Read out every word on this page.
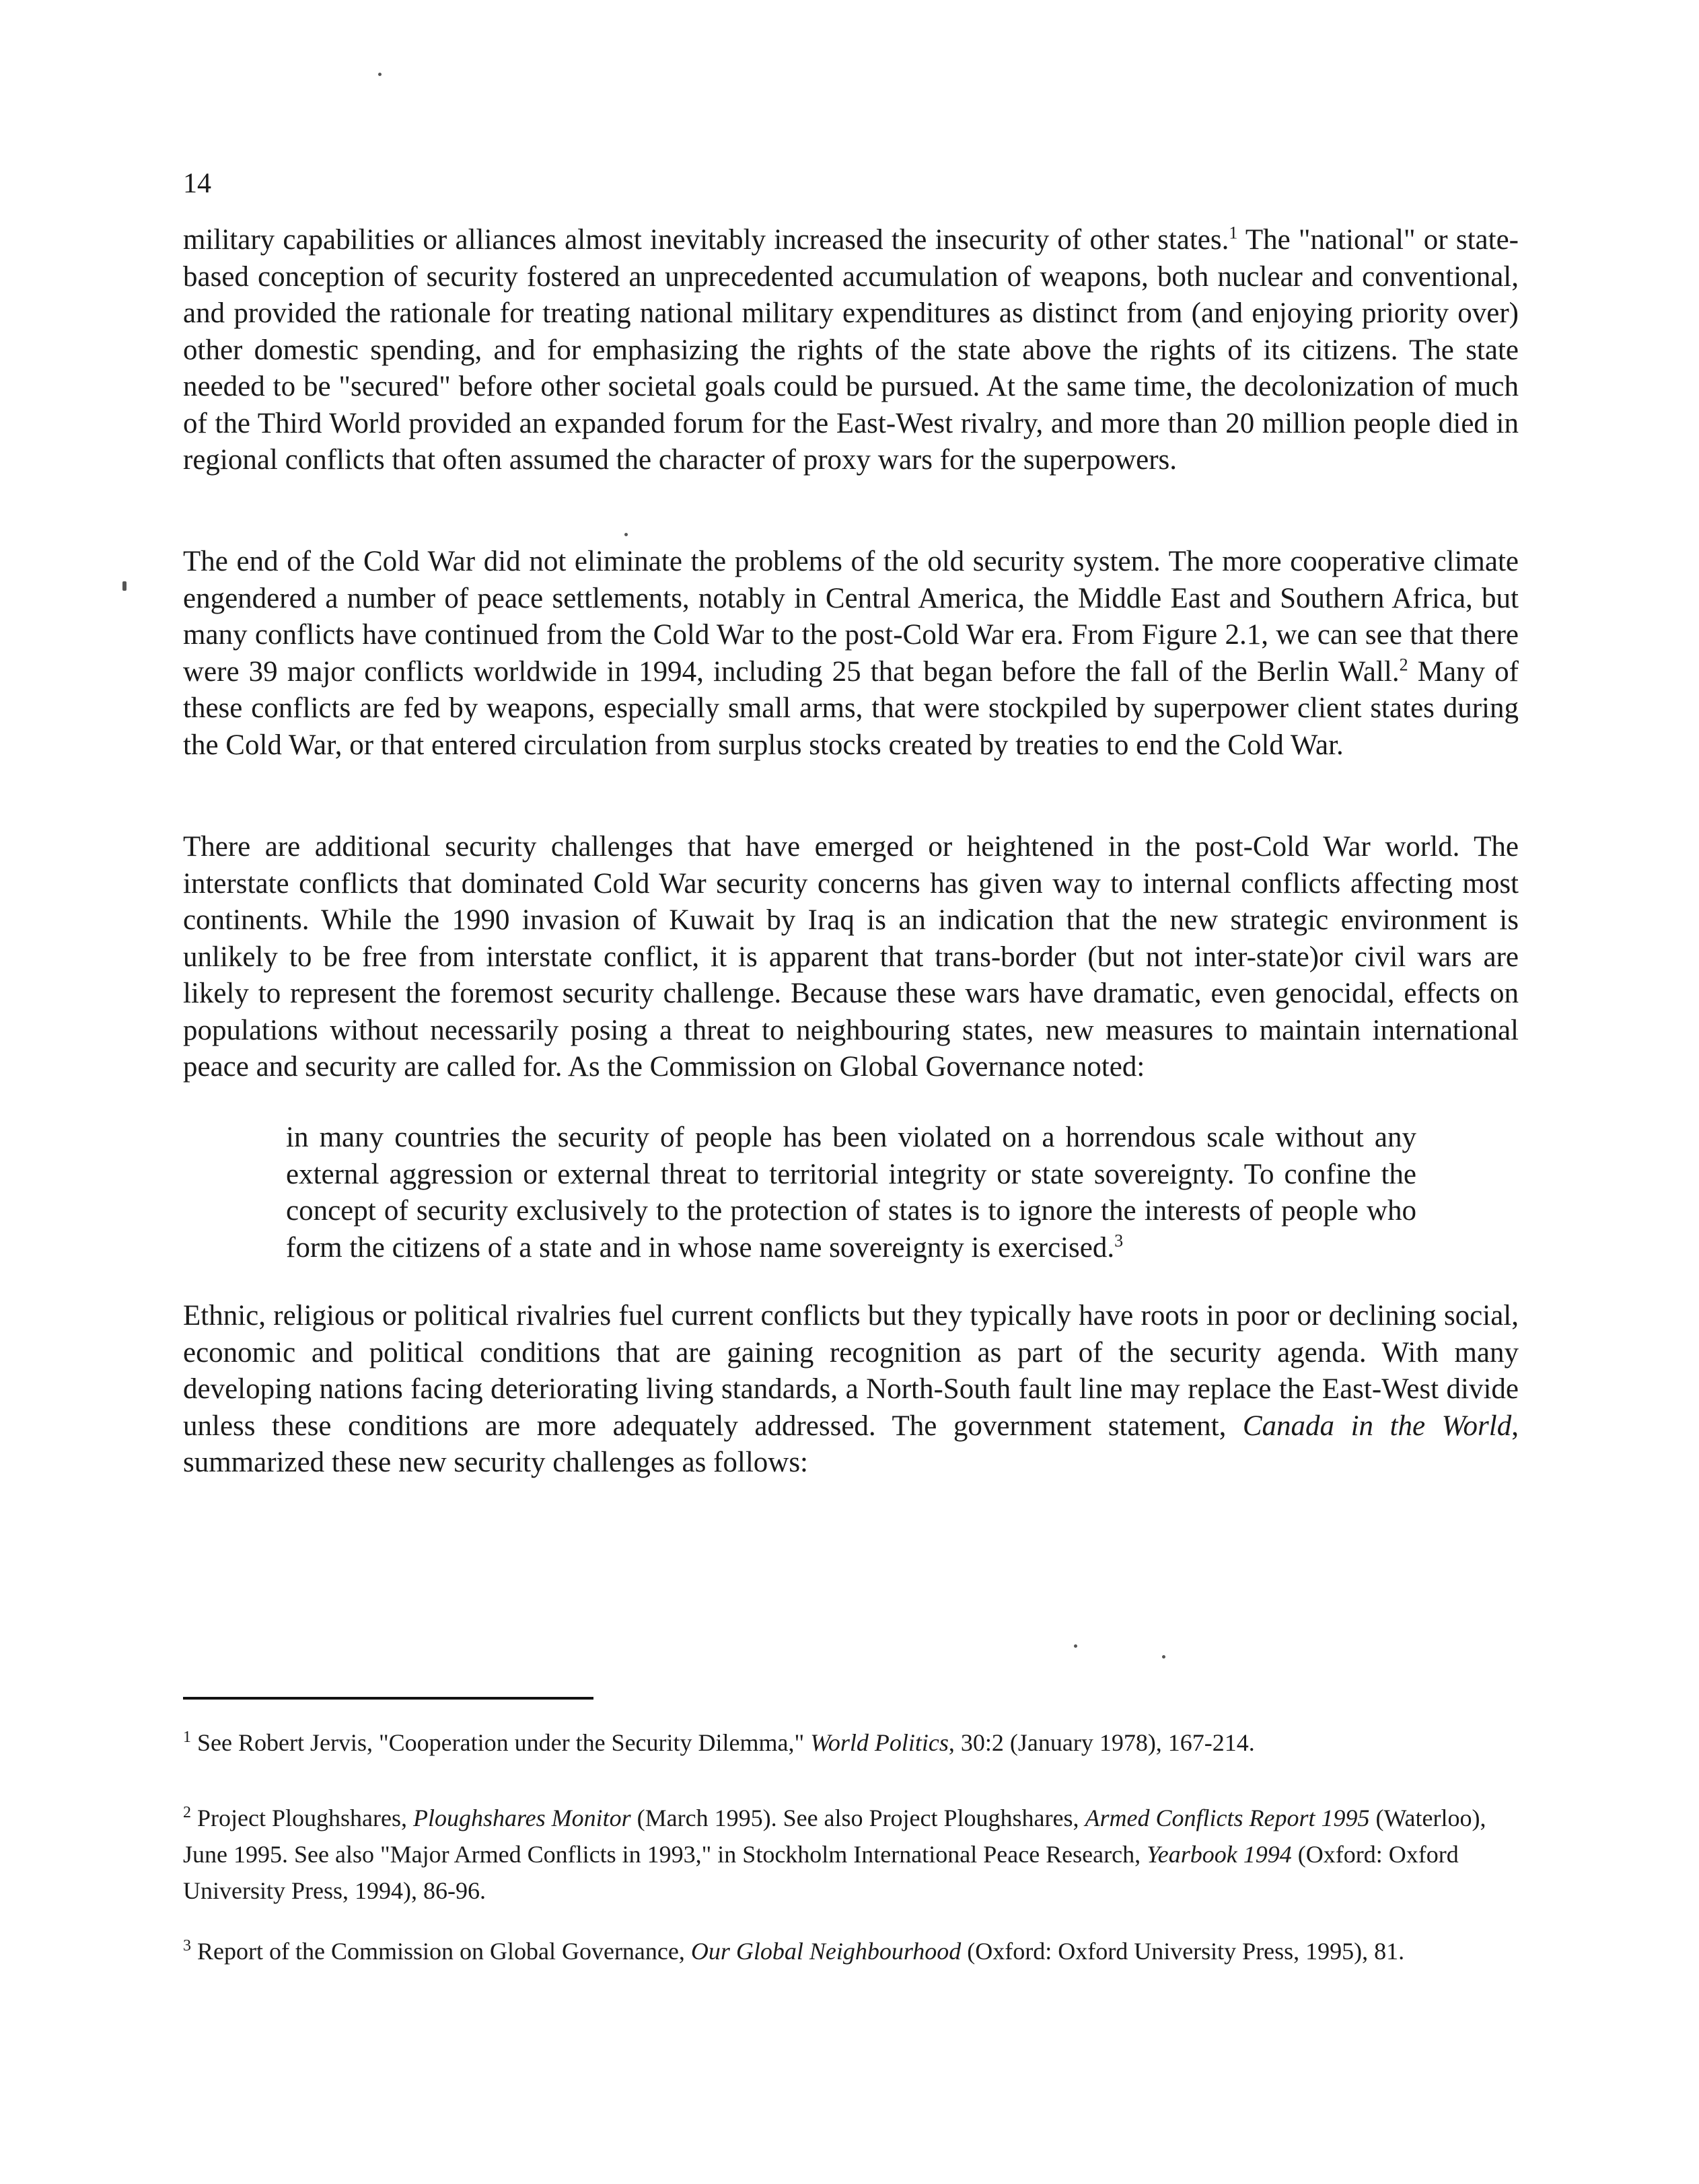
14
military capabilities or alliances almost inevitably increased the insecurity of other states.$^1$ The "national" or state-based conception of security fostered an unprecedented accumulation of weapons, both nuclear and conventional, and provided the rationale for treating national military expenditures as distinct from (and enjoying priority over) other domestic spending, and for emphasizing the rights of the state above the rights of its citizens. The state needed to be "secured" before other societal goals could be pursued. At the same time, the decolonization of much of the Third World provided an expanded forum for the East-West rivalry, and more than 20 million people died in regional conflicts that often assumed the character of proxy wars for the superpowers.
The end of the Cold War did not eliminate the problems of the old security system. The more cooperative climate engendered a number of peace settlements, notably in Central America, the Middle East and Southern Africa, but many conflicts have continued from the Cold War to the post-Cold War era. From Figure 2.1, we can see that there were 39 major conflicts worldwide in 1994, including 25 that began before the fall of the Berlin Wall.$^2$ Many of these conflicts are fed by weapons, especially small arms, that were stockpiled by superpower client states during the Cold War, or that entered circulation from surplus stocks created by treaties to end the Cold War.
There are additional security challenges that have emerged or heightened in the post-Cold War world. The interstate conflicts that dominated Cold War security concerns has given way to internal conflicts affecting most continents. While the 1990 invasion of Kuwait by Iraq is an indication that the new strategic environment is unlikely to be free from interstate conflict, it is apparent that trans-border (but not inter-state)or civil wars are likely to represent the foremost security challenge. Because these wars have dramatic, even genocidal, effects on populations without necessarily posing a threat to neighbouring states, new measures to maintain international peace and security are called for. As the Commission on Global Governance noted:
in many countries the security of people has been violated on a horrendous scale without any external aggression or external threat to territorial integrity or state sovereignty. To confine the concept of security exclusively to the protection of states is to ignore the interests of people who form the citizens of a state and in whose name sovereignty is exercised.$^3$
Ethnic, religious or political rivalries fuel current conflicts but they typically have roots in poor or declining social, economic and political conditions that are gaining recognition as part of the security agenda. With many developing nations facing deteriorating living standards, a North-South fault line may replace the East-West divide unless these conditions are more adequately addressed. The government statement, Canada in the World, summarized these new security challenges as follows:
$^1$ See Robert Jervis, "Cooperation under the Security Dilemma," World Politics, 30:2 (January 1978), 167-214.
$^2$ Project Ploughshares, Ploughshares Monitor (March 1995). See also Project Ploughshares, Armed Conflicts Report 1995 (Waterloo), June 1995. See also "Major Armed Conflicts in 1993," in Stockholm International Peace Research, Yearbook 1994 (Oxford: Oxford University Press, 1994), 86-96.
$^3$ Report of the Commission on Global Governance, Our Global Neighbourhood (Oxford: Oxford University Press, 1995), 81.
